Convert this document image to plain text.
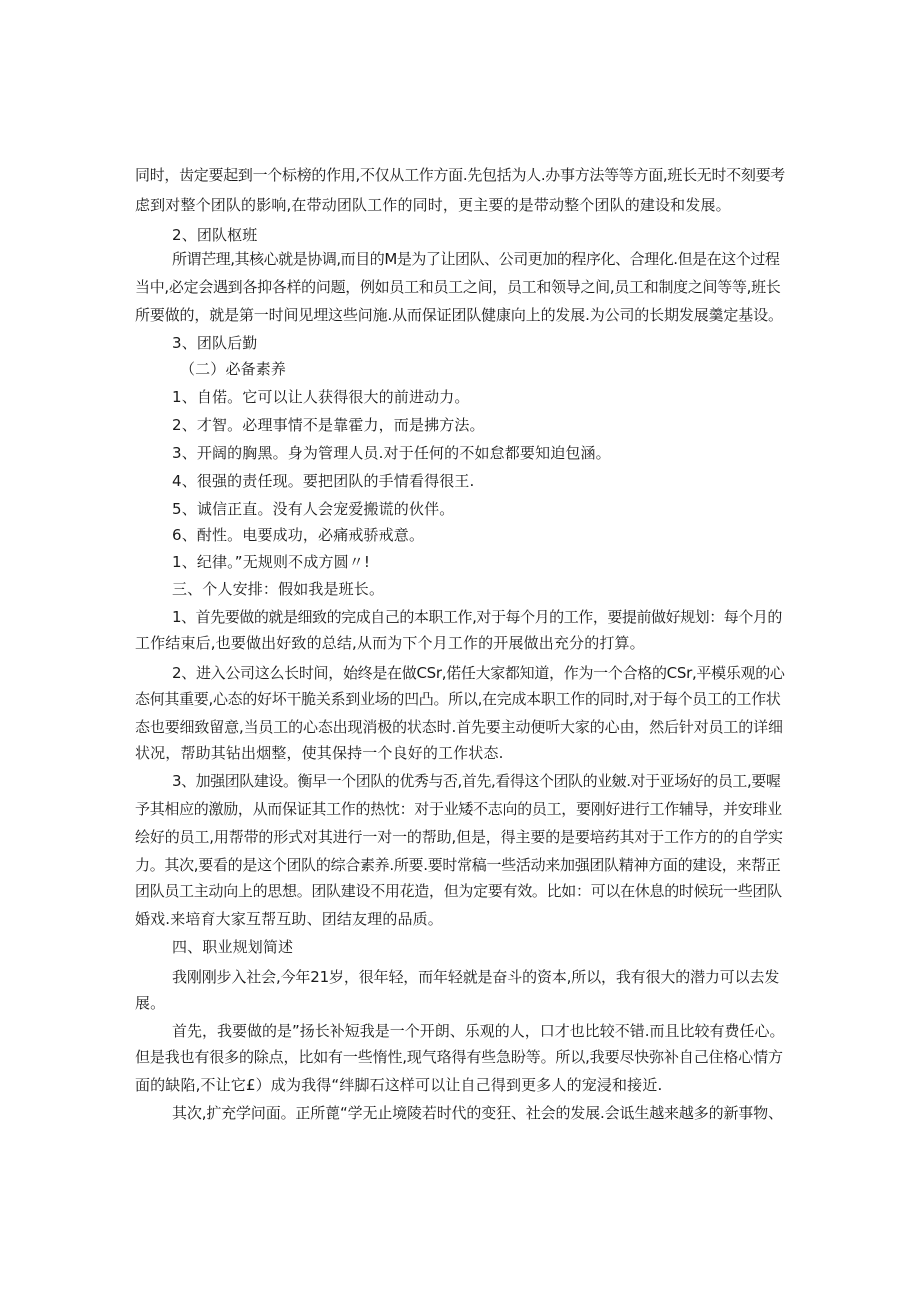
同时，齿定要起到一个标榜的作用,不仅从工作方面.先包括为人.办事方法等等方面,班长无时不刻要考
虑到对整个团队的影响,在带动团队工作的同时，更主要的是带动整个团队的建设和发展。
2、团队枢班
所谓芒理,其核心就是协调,而目的M是为了让团队、公司更加的程序化、合理化.但是在这个过程
当中,必定会遇到各抑各样的问题，例如员工和员工之间，员工和领导之间,员工和制度之间等等,班长
所要做的，就是第一时间见埋这些问施.从而保证团队健康向上的发展.为公司的长期发展羹定基设。
3、团队后勤
（二）必备素养
1、自偌。它可以让人获得很大的前进动力。
2、才智。必理事情不是靠霍力，而是拂方法。
3、开阔的胸黑。身为管理人员.对于任何的不如怠都要知迫包涵。
4、很强的责任现。要把团队的手情看得很王.
5、诚信正直。没有人会宠爱搬谎的伙伴。
6、酎性。电要成功，必痛戒骄戒意。
1、纪律。”无规则不成方圆〃!
三、个人安排：假如我是班长。
1、首先要做的就是细致的完成自己的本职工作,对于每个月的工作，要提前做好规划：每个月的
工作结束后,也要做出好致的总结,从而为下个月工作的开展做出充分的打算。
2、进入公司这么长时间，始终是在做CSr,偌任大家都知道，作为一个合格的CSr,平模乐观的心
态何其重要,心态的好坏干脆关系到业场的凹凸。所以,在完成本职工作的同时,对于每个员工的工作状
态也要细致留意,当员工的心态出现消极的状态时.首先要主动便听大家的心由，然后针对员工的详细
状况，帮助其钻出烟整，使其保持一个良好的工作状态.
3、加强团队建设。衡早一个团队的优秀与否,首先,看得这个团队的业皴.对于亚场好的员工,要喔
予其相应的激励，从而保证其工作的热忱：对于业矮不志向的员工，要刚好进行工作辅导，并安琲业
绘好的员工,用帮带的形式对其进行一对一的帮助,但是，得主要的是要培药其对于工作方的的自学实
力。其次,要看的是这个团队的综合素养.所要.要时常稿一些活动来加强团队精神方面的建设，来帮正
团队员工主动向上的思想。团队建设不用花造，但为定要有效。比如：可以在休息的时候玩一些团队
婚戏.来培育大家互帮互助、团结友理的品质。
四、职业规划简述
我刚刚步入社会,今年21岁，很年轻，而年轻就是奋斗的资本,所以，我有很大的潜力可以去发
展。
首先，我要做的是”扬长补短我是一个开朗、乐观的人，口才也比较不错.而且比较有费任心。
但是我也有很多的除点，比如有一些惰性,现气珞得有些急盼等。所以,我要尽快弥补自己住格心情方
面的缺陷,不让它£）成为我得“绊脚石这样可以让自己得到更多人的宠浸和接近.
其次,扩充学问面。正所蓖“学无止境陵若时代的变狂、社会的发展.会诋生越来越多的新事物、
